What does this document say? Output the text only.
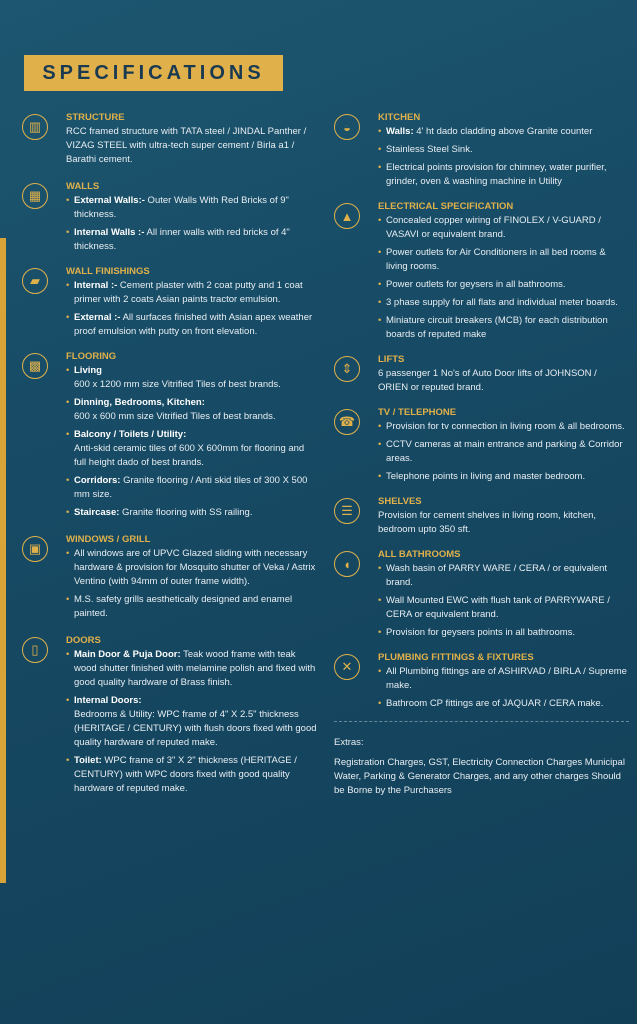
SPECIFICATIONS
▥
STRUCTURE
RCC framed structure with TATA steel / JINDAL Panther / VIZAG STEEL with ultra-tech super cement / Birla a1 / Barathi cement.
▦
WALLS
• External Walls:- Outer Walls With Red Bricks of 9" thickness.
• Internal Walls :- All inner walls with red bricks of 4" thickness.
▰
WALL FINISHINGS
• Internal :- Cement plaster with 2 coat putty and 1 coat primer with 2 coats Asian paints tractor emulsion.
• External :- All surfaces finished with Asian apex weather proof emulsion with putty on front elevation.
▩
FLOORING
• Living
600 x 1200 mm size Vitrified Tiles of best brands.
• Dinning, Bedrooms, Kitchen:
600 x 600 mm size Vitrified Tiles of best brands.
• Balcony / Toilets / Utility:
Anti-skid ceramic tiles of 600 X 600mm for flooring and full height dado of best brands.
• Corridors: Granite flooring / Anti skid tiles of 300 X 500 mm size.
• Staircase: Granite flooring with SS railing.
▣
WINDOWS / GRILL
• All windows are of UPVC Glazed sliding with necessary hardware & provision for Mosquito shutter of Veka / Astrix Ventino (with 94mm of outer frame width).
• M.S. safety grills aesthetically designed and enamel painted.
▯
DOORS
• Main Door & Puja Door: Teak wood frame with teak wood shutter finished with melamine polish and fixed with good quality hardware of Brass finish.
• Internal Doors:
Bedrooms & Utility: WPC frame of 4" X 2.5" thickness (HERITAGE / CENTURY) with flush doors fixed with good quality hardware of reputed make.
• Toilet: WPC frame of 3" X 2" thickness (HERITAGE / CENTURY) with WPC doors fixed with good quality hardware of reputed make.
◒
KITCHEN
• Walls: 4' ht dado cladding above Granite counter
• Stainless Steel Sink.
• Electrical points provision for chimney, water purifier, grinder, oven & washing machine in Utility
▲
ELECTRICAL SPECIFICATION
• Concealed copper wiring of FINOLEX / V-GUARD / VASAVI or equivalent brand.
• Power outlets for Air Conditioners in all bed rooms & living rooms.
• Power outlets for geysers in all bathrooms.
• 3 phase supply for all flats and individual meter boards.
• Miniature circuit breakers (MCB) for each distribution boards of reputed make
⇕
LIFTS
6 passenger 1 No's of Auto Door lifts of JOHNSON / ORIEN or reputed brand.
☎
TV / TELEPHONE
• Provision for tv connection in living room & all bedrooms.
• CCTV cameras at main entrance and parking & Corridor areas.
• Telephone points in living and master bedroom.
☰
SHELVES
Provision for cement shelves in living room, kitchen, bedroom upto 350 sft.
◖
ALL BATHROOMS
• Wash basin of PARRY WARE / CERA / or equivalent brand.
• Wall Mounted EWC with flush tank of PARRYWARE / CERA or equivalent brand.
• Provision for geysers points in all bathrooms.
✕
PLUMBING FITTINGS & FIXTURES
• All Plumbing fittings are of ASHIRVAD / BIRLA / Supreme make.
• Bathroom CP fittings are of JAQUAR / CERA make.
Extras:
Registration Charges, GST, Electricity Connection Charges Municipal Water, Parking & Generator Charges, and any other charges Should be Borne by the Purchasers
